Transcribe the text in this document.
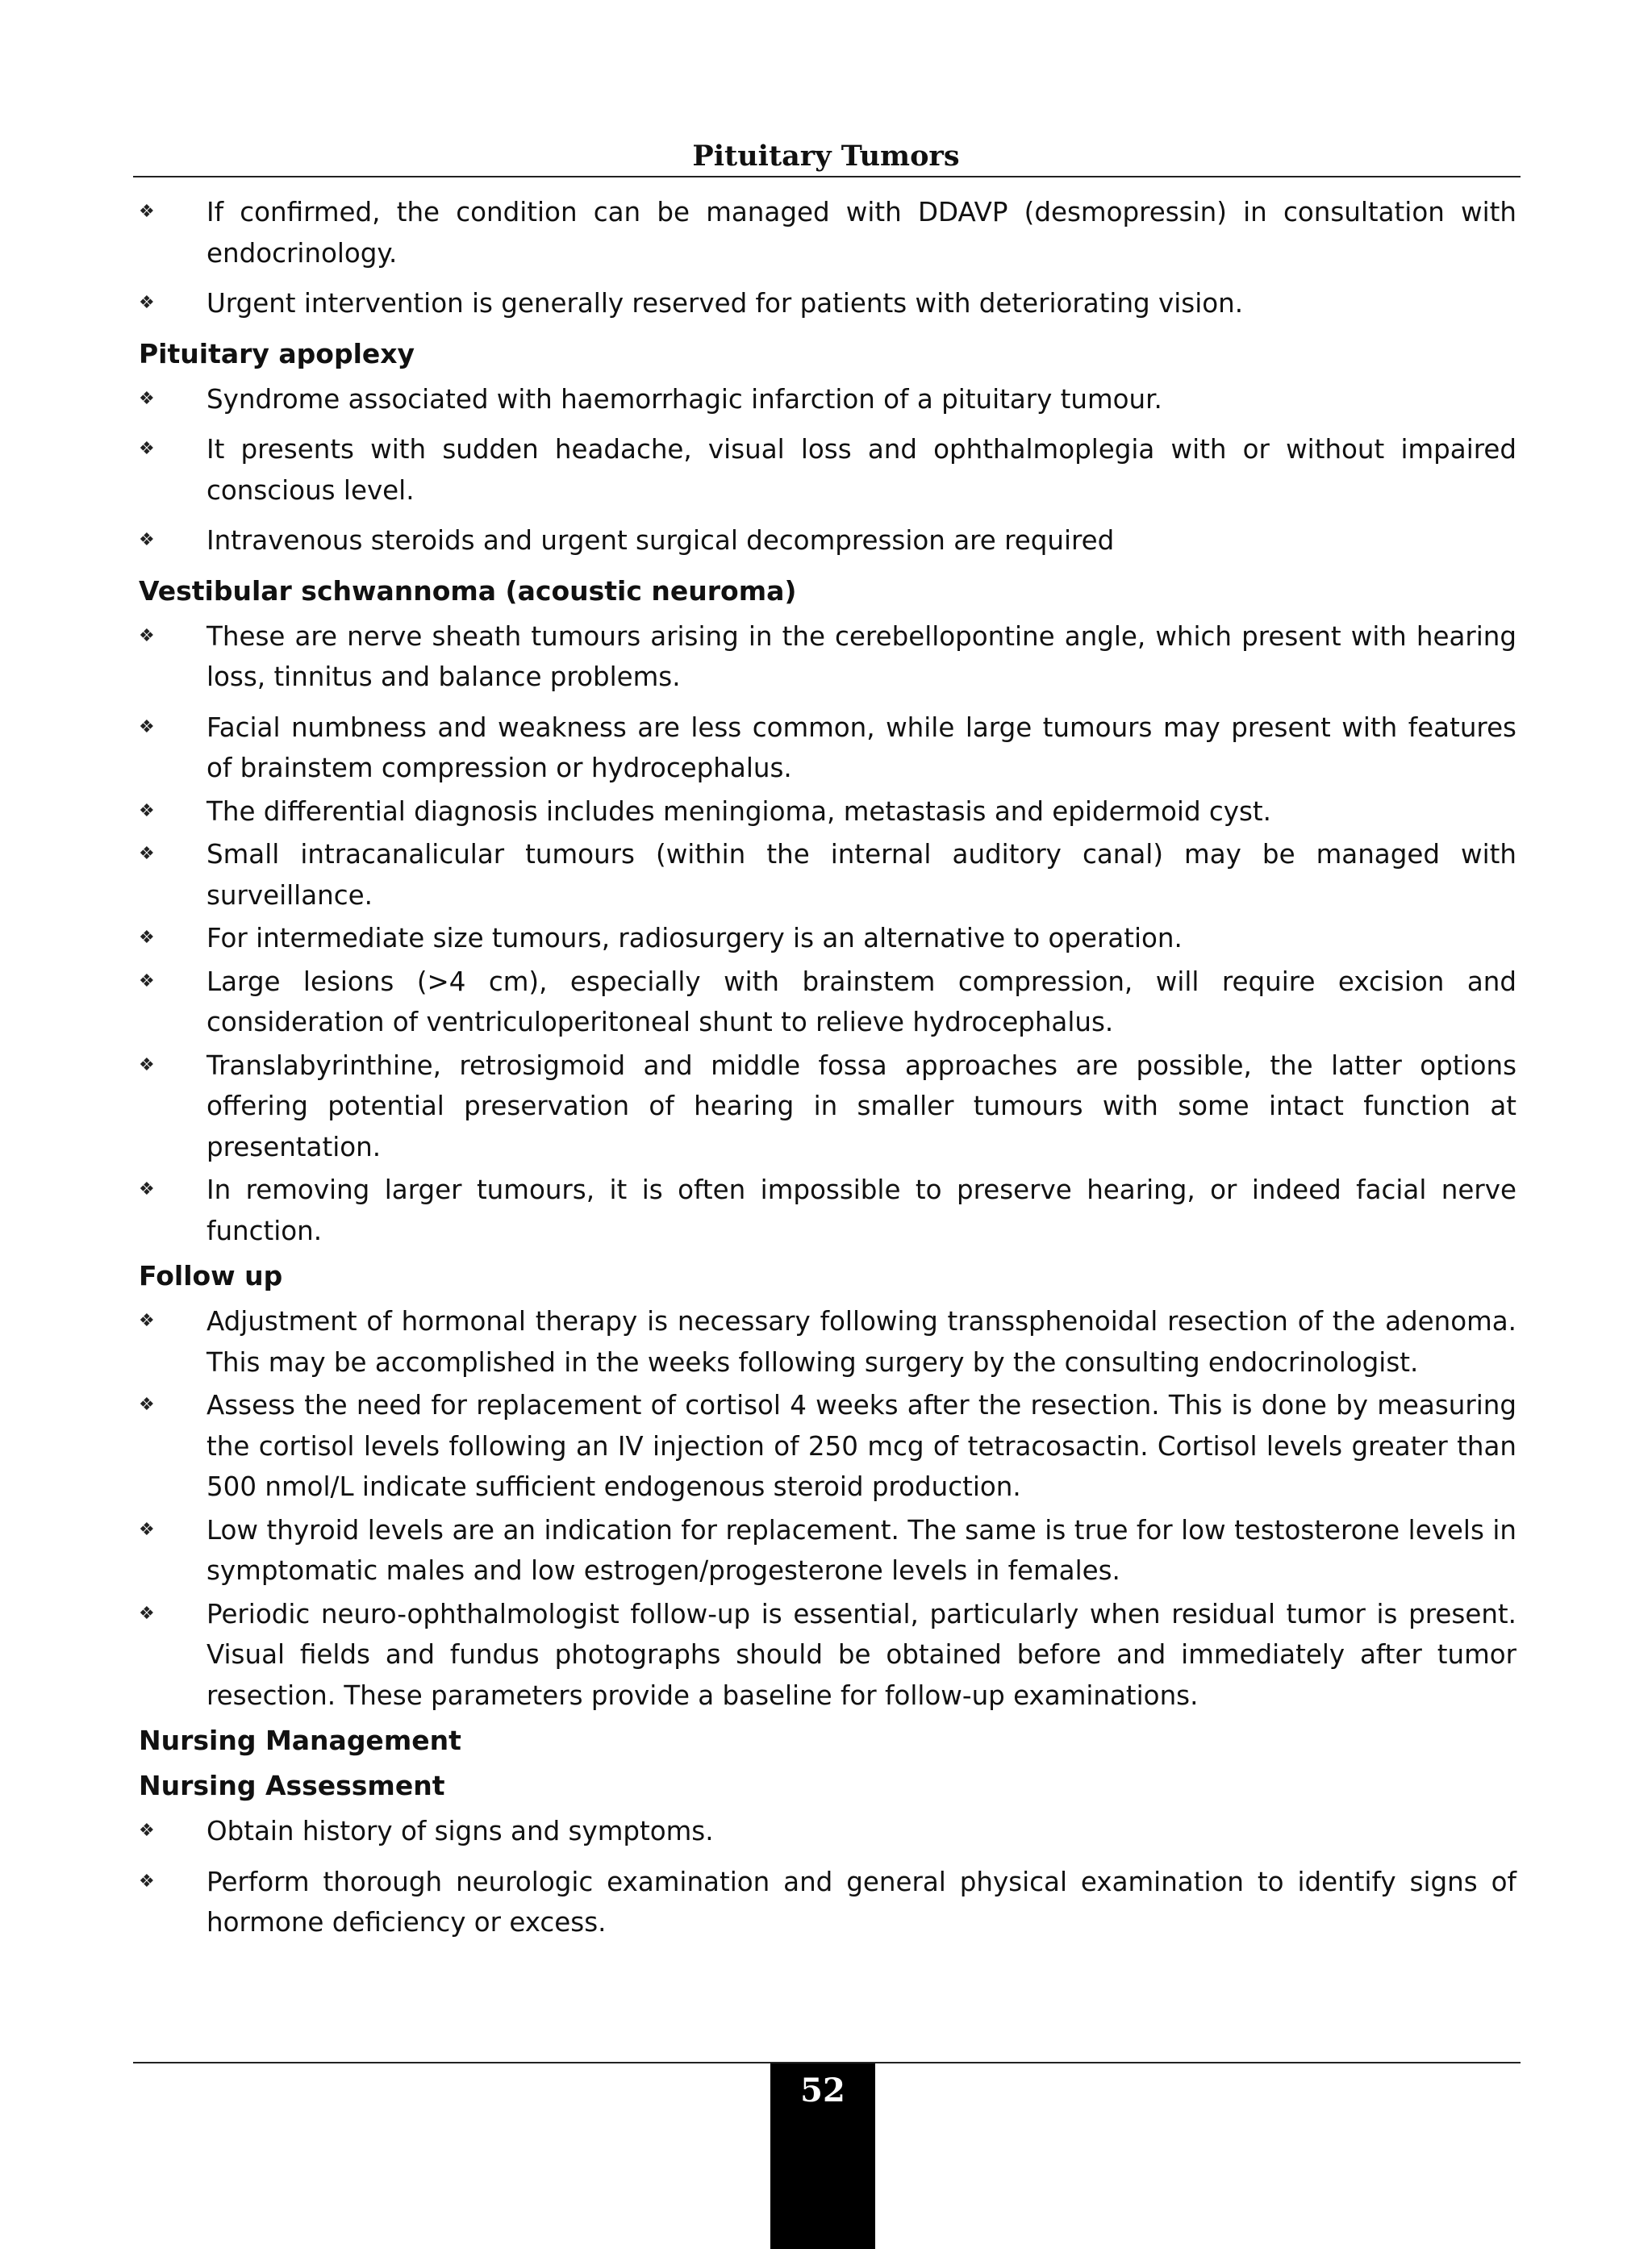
Pituitary Tumors
❖ If confirmed, the condition can be managed with DDAVP (desmopressin) in consultation with endocrinology.
❖ Urgent intervention is generally reserved for patients with deteriorating vision.
Pituitary apoplexy
❖ Syndrome associated with haemorrhagic infarction of a pituitary tumour.
❖ It presents with sudden headache, visual loss and ophthalmoplegia with or without impaired conscious level.
❖ Intravenous steroids and urgent surgical decompression are required
Vestibular schwannoma (acoustic neuroma)
❖ These are nerve sheath tumours arising in the cerebellopontine angle, which present with hearing loss, tinnitus and balance problems.
❖ Facial numbness and weakness are less common, while large tumours may present with features of brainstem compression or hydrocephalus.
❖ The differential diagnosis includes meningioma, metastasis and epidermoid cyst.
❖ Small intracanalicular tumours (within the internal auditory canal) may be managed with surveillance.
❖ For intermediate size tumours, radiosurgery is an alternative to operation.
❖ Large lesions (>4 cm), especially with brainstem compression, will require excision and consideration of ventriculoperitoneal shunt to relieve hydrocephalus.
❖ Translabyrinthine, retrosigmoid and middle fossa approaches are possible, the latter options offering potential preservation of hearing in smaller tumours with some intact function at presentation.
❖ In removing larger tumours, it is often impossible to preserve hearing, or indeed facial nerve function.
Follow up
❖ Adjustment of hormonal therapy is necessary following transsphenoidal resection of the adenoma. This may be accomplished in the weeks following surgery by the consulting endocrinologist.
❖ Assess the need for replacement of cortisol 4 weeks after the resection. This is done by measuring the cortisol levels following an IV injection of 250 mcg of tetracosactin. Cortisol levels greater than 500 nmol/L indicate sufficient endogenous steroid production.
❖ Low thyroid levels are an indication for replacement. The same is true for low testosterone levels in symptomatic males and low estrogen/progesterone levels in females.
❖ Periodic neuro-ophthalmologist follow-up is essential, particularly when residual tumor is present. Visual fields and fundus photographs should be obtained before and immediately after tumor resection. These parameters provide a baseline for follow-up examinations.
Nursing Management
Nursing Assessment
❖ Obtain history of signs and symptoms.
❖ Perform thorough neurologic examination and general physical examination to identify signs of hormone deficiency or excess.
52
